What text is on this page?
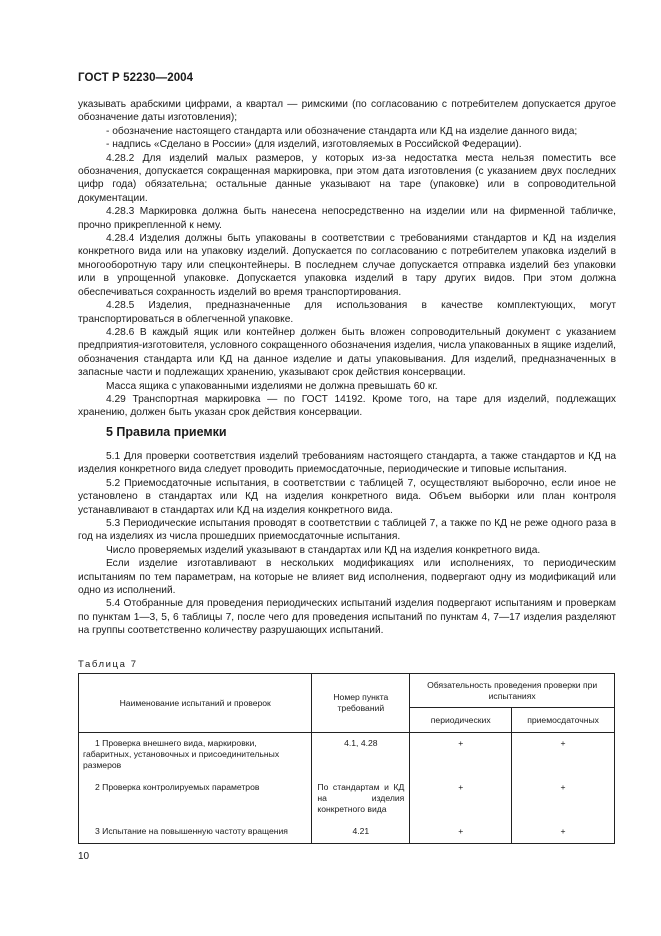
ГОСТ Р 52230—2004

указывать арабскими цифрами, а квартал — римскими (по согласованию с потребителем допускается другое обозначение даты изготовления);

- обозначение настоящего стандарта или обозначение стандарта или КД на изделие данного вида;

- надпись «Сделано в России» (для изделий, изготовляемых в Российской Федерации).

4.28.2 Для изделий малых размеров, у которых из-за недостатка места нельзя поместить все обозначения, допускается сокращенная маркировка, при этом дата изготовления (с указанием двух последних цифр года) обязательна; остальные данные указывают на таре (упаковке) или в сопроводительной документации.

4.28.3 Маркировка должна быть нанесена непосредственно на изделии или на фирменной табличке, прочно прикрепленной к нему.

4.28.4 Изделия должны быть упакованы в соответствии с требованиями стандартов и КД на изделия конкретного вида или на упаковку изделий. Допускается по согласованию с потребителем упаковка изделий в многооборотную тару или спецконтейнеры. В последнем случае допускается отправка изделий без упаковки или в упрощенной упаковке. Допускается упаковка изделий в тару других видов. При этом должна обеспечиваться сохранность изделий во время транспортирования.

4.28.5 Изделия, предназначенные для использования в качестве комплектующих, могут транспортироваться в облегченной упаковке.

4.28.6 В каждый ящик или контейнер должен быть вложен сопроводительный документ с указанием предприятия-изготовителя, условного сокращенного обозначения изделия, числа упакованных в ящике изделий, обозначения стандарта или КД на данное изделие и даты упаковывания. Для изделий, предназначенных в запасные части и подлежащих хранению, указывают срок действия консервации.

Масса ящика с упакованными изделиями не должна превышать 60 кг.

4.29 Транспортная маркировка — по ГОСТ 14192. Кроме того, на таре для изделий, подлежащих хранению, должен быть указан срок действия консервации.

5 Правила приемки

5.1 Для проверки соответствия изделий требованиям настоящего стандарта, а также стандартов и КД на изделия конкретного вида следует проводить приемосдаточные, периодические и типовые испытания.

5.2 Приемосдаточные испытания, в соответствии с таблицей 7, осуществляют выборочно, если иное не установлено в стандартах или КД на изделия конкретного вида. Объем выборки или план контроля устанавливают в стандартах или КД на изделия конкретного вида.

5.3 Периодические испытания проводят в соответствии с таблицей 7, а также по КД не реже одного раза в год на изделиях из числа прошедших приемосдаточные испытания.

Число проверяемых изделий указывают в стандартах или КД на изделия конкретного вида.

Если изделие изготавливают в нескольких модификациях или исполнениях, то периодическим испытаниям по тем параметрам, на которые не влияет вид исполнения, подвергают одну из модификаций или одно из исполнений.

5.4 Отобранные для проведения периодических испытаний изделия подвергают испытаниям и проверкам по пунктам 1—3, 5, 6 таблицы 7, после чего для проведения испытаний по пунктам 4, 7—17 изделия разделяют на группы соответственно количеству разрушающих испытаний.

Таблица 7
Наименование испытаний и проверок	Номер пункта требований	Обязательность проведения проверки при испытаниях	
		периодических	приемосдаточных

1 Проверка внешнего вида, маркировки, габаритных, установочных и присоединительных размеров	4.1, 4.28	+	+

2 Проверка контролируемых параметров	По стандартам и КД на изделия конкретного вида	+	+

3 Испытание на повышенную частоту вращения	4.21	+	+
10
